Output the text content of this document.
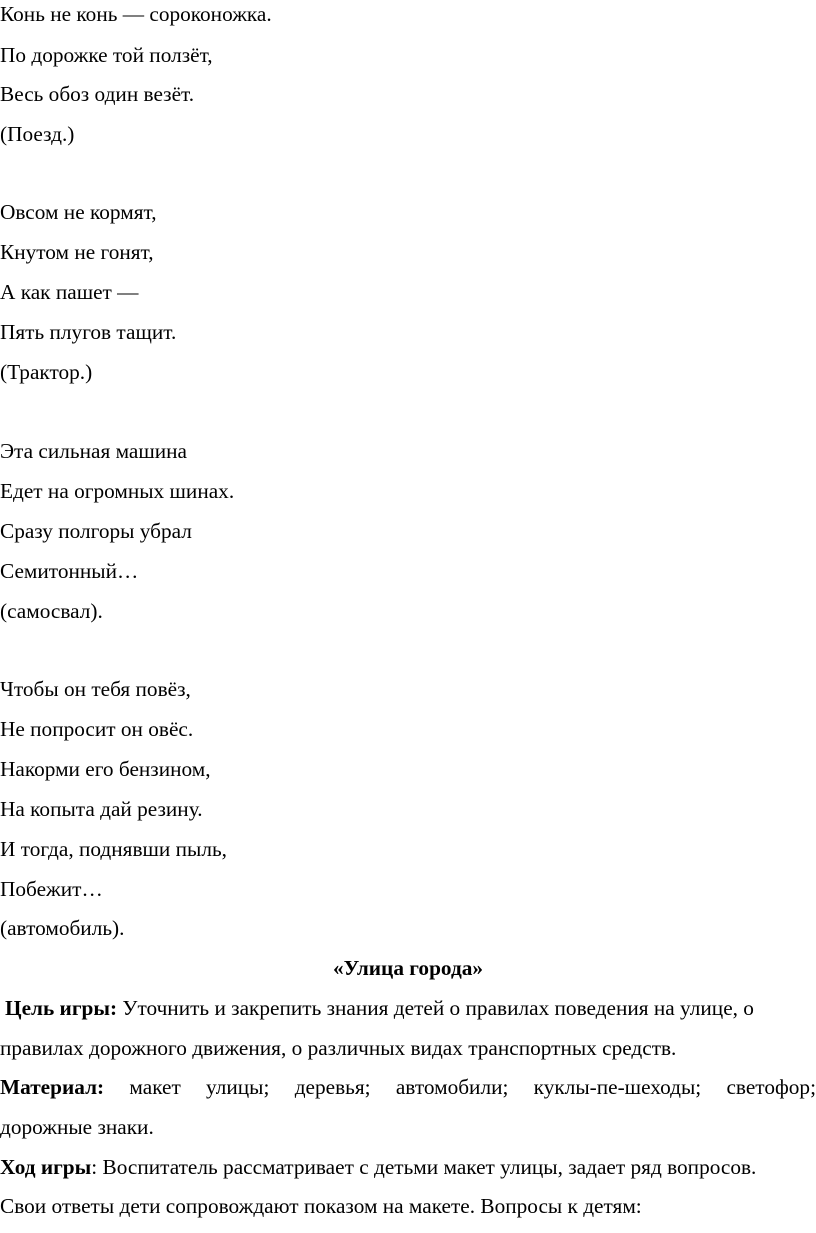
Конь не конь — сороконожка.
По дорожке той ползёт,
Весь обоз один везёт.
(Поезд.)
Овсом не кормят,
Кнутом не гонят,
А как пашет —
Пять плугов тащит.
(Трактор.)
Эта сильная машина
Едет на огромных шинах.
Сразу полгоры убрал
Семитонный…
(самосвал).
Чтобы он тебя повёз,
Не попросит он овёс.
Накорми его бензином,
На копыта дай резину.
И тогда, поднявши пыль,
Побежит…
(автомобиль).
«Улица города»
Цель игры: Уточнить и закрепить знания детей о правилах поведения на улице, о
правилах дорожного движения, о различных видах транспортных средств.
Материал: макет улицы; деревья; автомобили; куклы-пе-шеходы; светофор;
дорожные знаки.
Ход игры: Воспитатель рассматривает с детьми макет улицы, задает ряд вопросов.
Свои ответы дети сопровождают показом на макете. Вопросы к детям:
